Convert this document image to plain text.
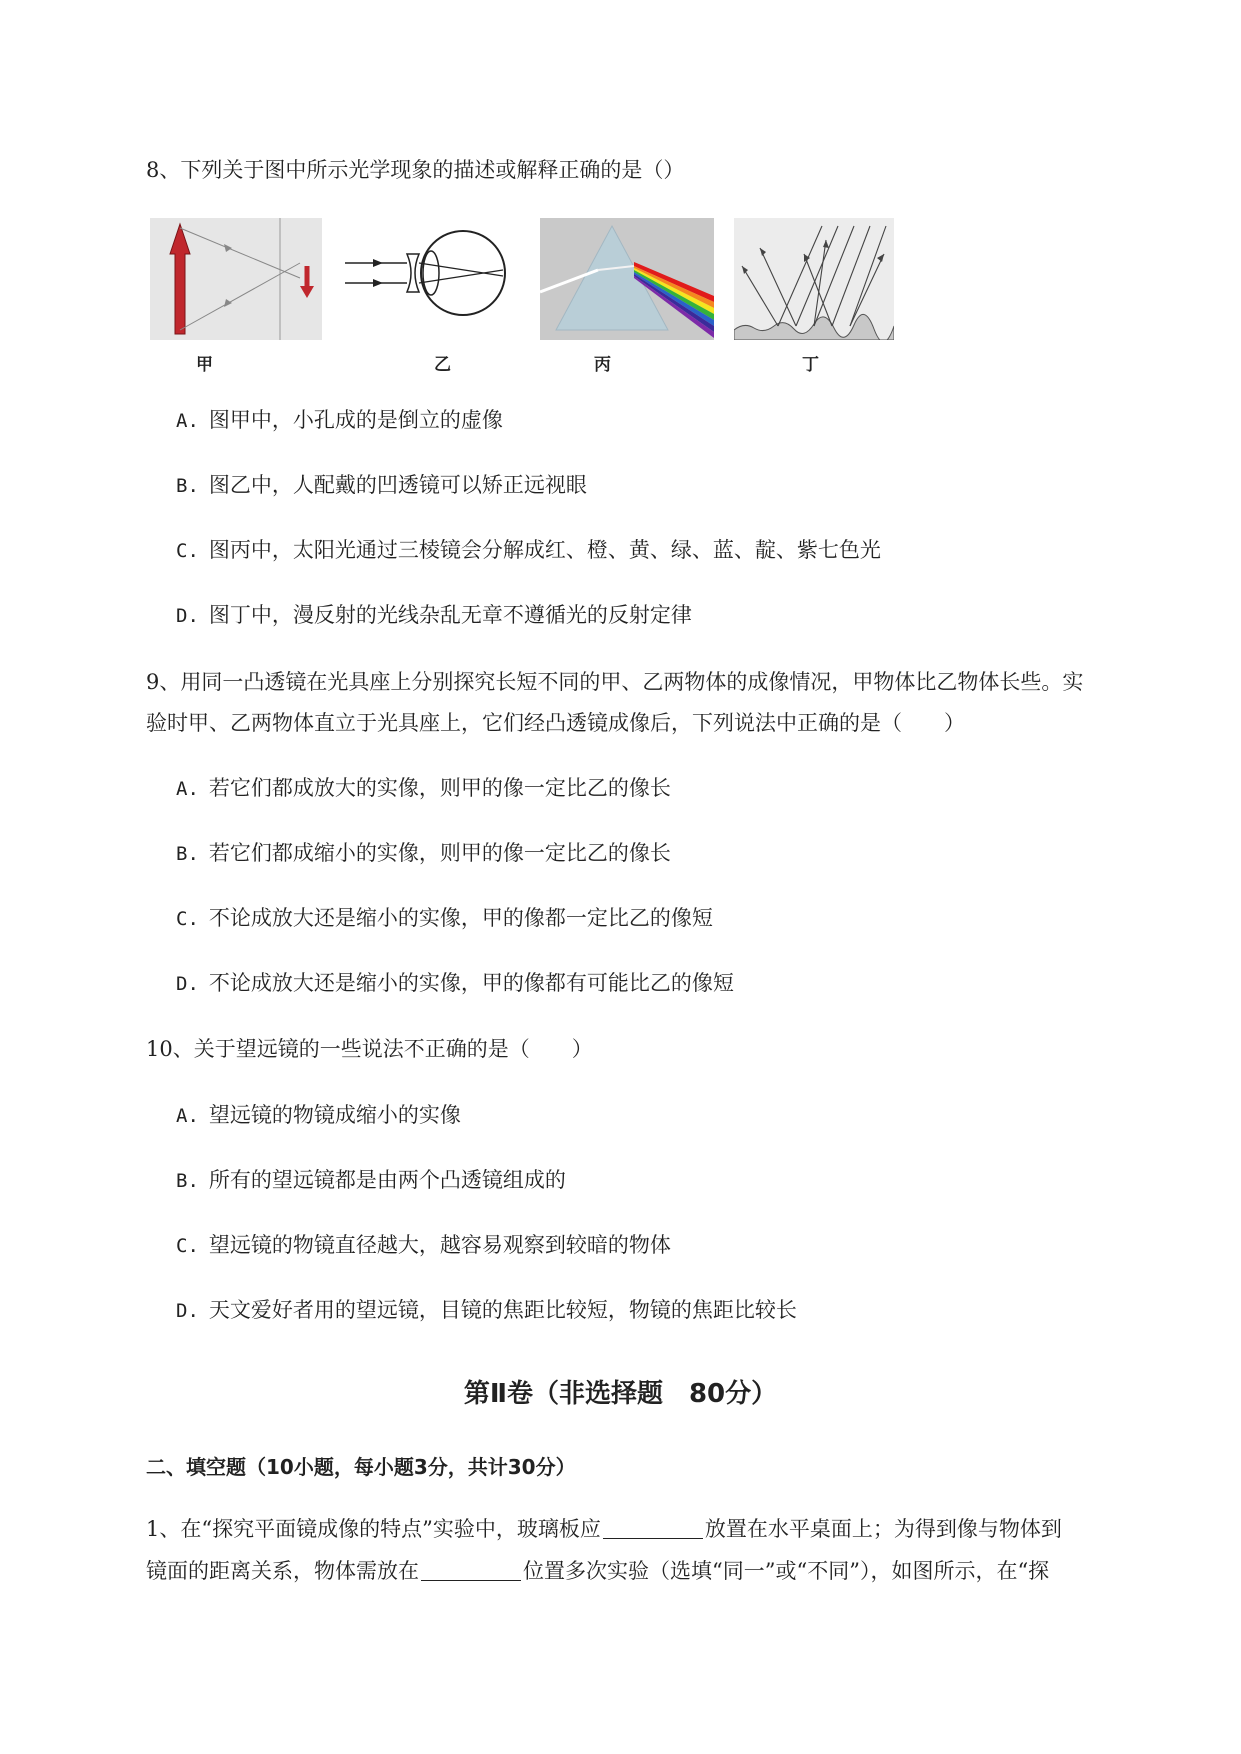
8、下列关于图中所示光学现象的描述或解释正确的是（）
甲	乙	丙	丁
A. 图甲中，小孔成的是倒立的虚像
B. 图乙中，人配戴的凹透镜可以矫正远视眼
C. 图丙中，太阳光通过三棱镜会分解成红、橙、黄、绿、蓝、靛、紫七色光
D. 图丁中，漫反射的光线杂乱无章不遵循光的反射定律
9、用同一凸透镜在光具座上分别探究长短不同的甲、乙两物体的成像情况，甲物体比乙物体长些。实
验时甲、乙两物体直立于光具座上，它们经凸透镜成像后，下列说法中正确的是（　　）
A. 若它们都成放大的实像，则甲的像一定比乙的像长
B. 若它们都成缩小的实像，则甲的像一定比乙的像长
C. 不论成放大还是缩小的实像，甲的像都一定比乙的像短
D. 不论成放大还是缩小的实像，甲的像都有可能比乙的像短
10、关于望远镜的一些说法不正确的是（　　）
A. 望远镜的物镜成缩小的实像
B. 所有的望远镜都是由两个凸透镜组成的
C. 望远镜的物镜直径越大，越容易观察到较暗的物体
D. 天文爱好者用的望远镜，目镜的焦距比较短，物镜的焦距比较长
第Ⅱ卷（非选择题　80分）
二、填空题（10小题，每小题3分，共计30分）
1、在“探究平面镜成像的特点”实验中，玻璃板应	放置在水平桌面上；为得到像与物体到
镜面的距离关系，物体需放在	位置多次实验（选填“同一”或“不同”），如图所示，在“探
